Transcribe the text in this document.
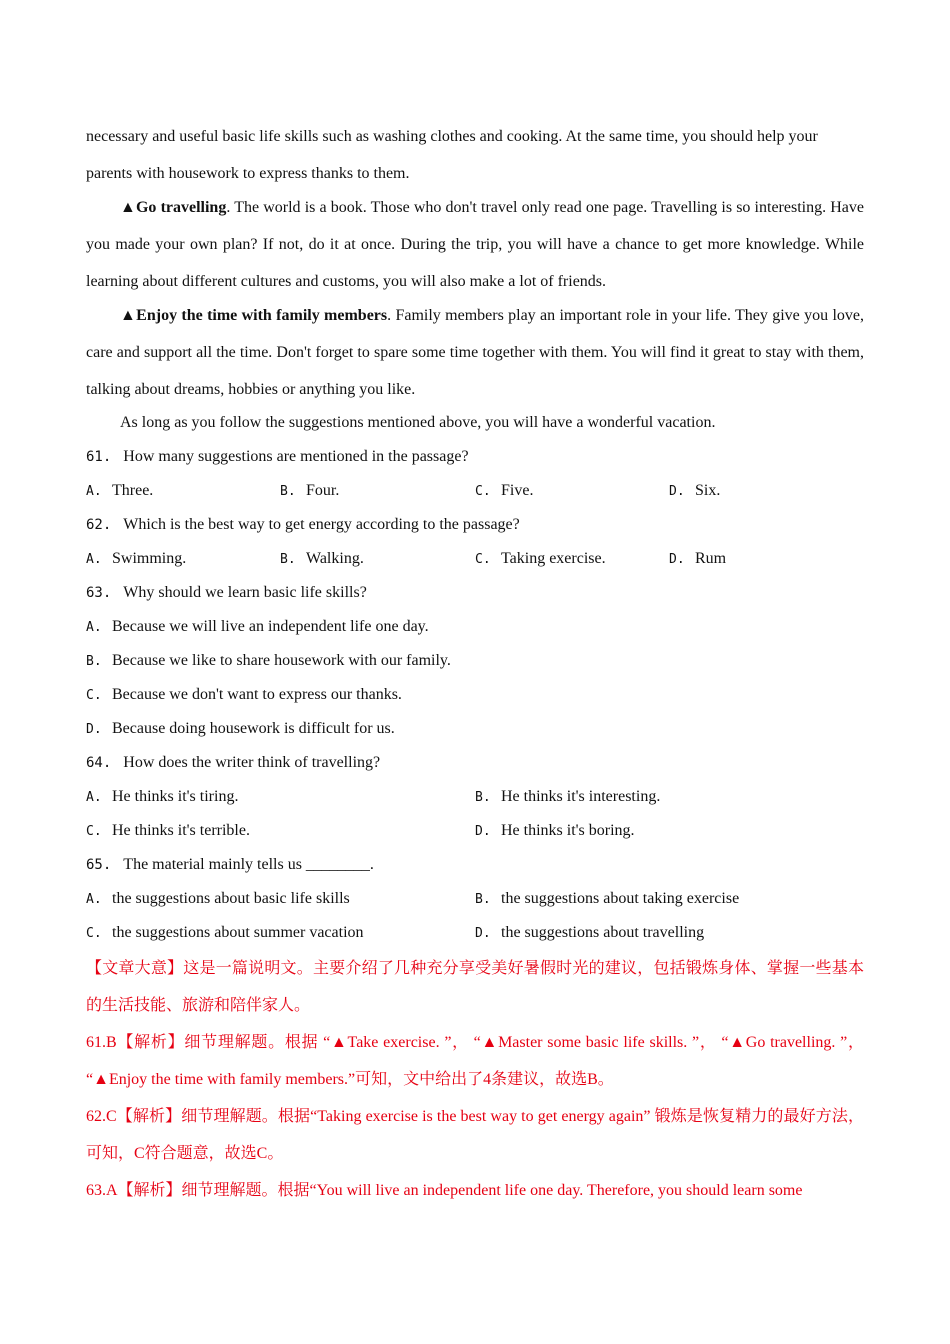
necessary and useful basic life skills such as washing clothes and cooking. At the same time, you should help your

parents with housework to express thanks to them.

▲Go travelling. The world is a book. Those who don't travel only read one page. Travelling is so interesting. Have you made your own plan? If not, do it at once. During the trip, you will have a chance to get more knowledge. While learning about different cultures and customs, you will also make a lot of friends.

▲Enjoy the time with family members. Family members play an important role in your life. They give you love, care and support all the time. Don't forget to spare some time together with them. You will find it great to stay with them, talking about dreams, hobbies or anything you like.

As long as you follow the suggestions mentioned above, you will have a wonderful vacation.

61. How many suggestions are mentioned in the passage?

A. Three.	B. Four.	C. Five.	D. Six.

62. Which is the best way to get energy according to the passage?

A. Swimming.	B. Walking.	C. Taking exercise.	D. Rum

63. Why should we learn basic life skills?

A. Because we will live an independent life one day.

B. Because we like to share housework with our family.

C. Because we don't want to express our thanks.

D. Because doing housework is difficult for us.

64. How does the writer think of travelling?

A. He thinks it's tiring.	B. He thinks it's interesting.

C. He thinks it's terrible.	D. He thinks it's boring.

65. The material mainly tells us ________.

A. the suggestions about basic life skills	B. the suggestions about taking exercise

C. the suggestions about summer vacation	D. the suggestions about travelling

【文章大意】这是一篇说明文。主要介绍了几种充分享受美好暑假时光的建议，包括锻炼身体、掌握一些基本的生活技能、旅游和陪伴家人。

61.B【解析】细节理解题。根据 “▲Take exercise. ”， “▲Master some basic life skills. ”， “▲Go travelling. ”， “▲Enjoy the time with family members.”可知，文中给出了4条建议，故选B。

62.C【解析】细节理解题。根据“Taking exercise is the best way to get energy again” 锻炼是恢复精力的最好方法，可知，C符合题意，故选C。

63.A【解析】细节理解题。根据“You will live an independent life one day. Therefore, you should learn some
